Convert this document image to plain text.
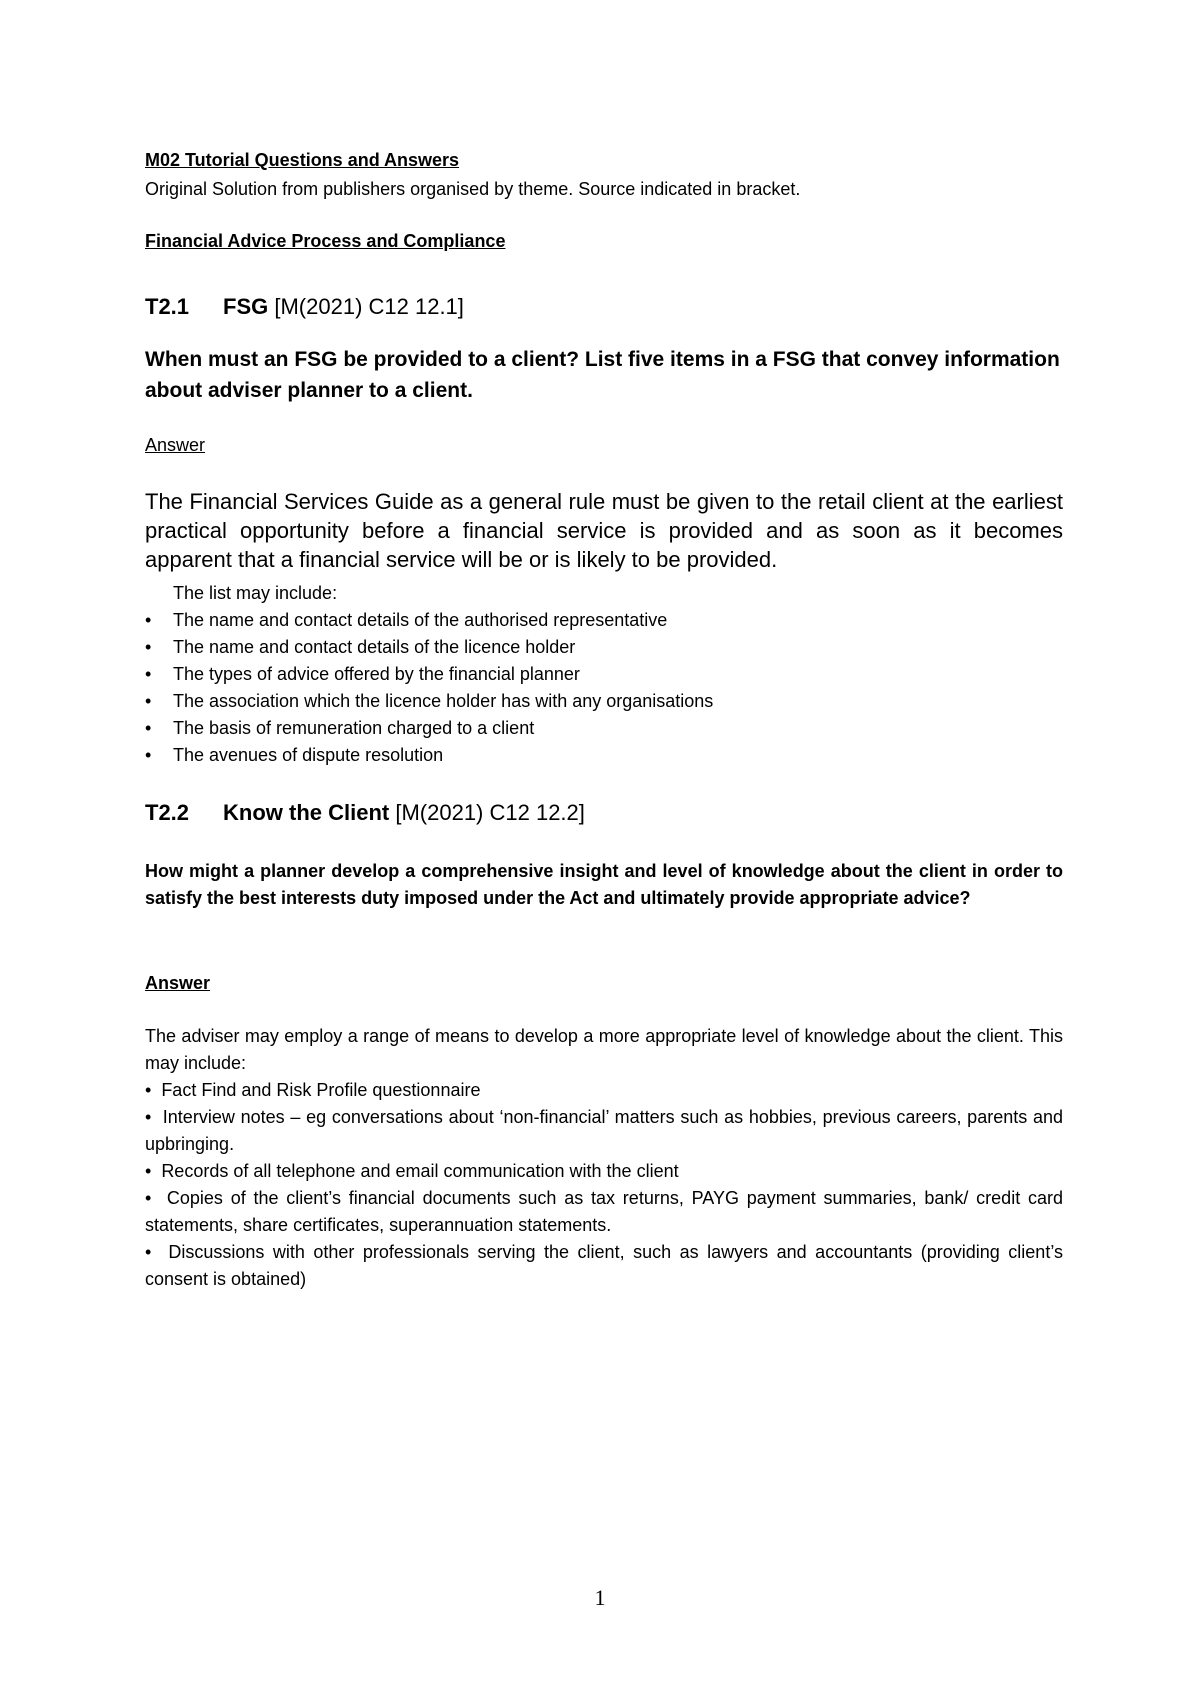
M02 Tutorial Questions and Answers
Original Solution from publishers organised by theme. Source indicated in bracket.
Financial Advice Process and Compliance
T2.1 FSG [M(2021) C12 12.1]
When must an FSG be provided to a client? List five items in a FSG that convey information about adviser planner to a client.
Answer

The Financial Services Guide as a general rule must be given to the retail client at the earliest practical opportunity before a financial service is provided and as soon as it becomes apparent that a financial service will be or is likely to be provided.

The list may include:
• The name and contact details of the authorised representative
• The name and contact details of the licence holder
• The types of advice offered by the financial planner
• The association which the licence holder has with any organisations
• The basis of remuneration charged to a client
• The avenues of dispute resolution
T2.2 Know the Client [M(2021) C12 12.2]

How might a planner develop a comprehensive insight and level of knowledge about the client in order to satisfy the best interests duty imposed under the Act and ultimately provide appropriate advice?

Answer

The adviser may employ a range of means to develop a more appropriate level of knowledge about the client. This may include:

•  Fact Find and Risk Profile questionnaire

•  Interview notes – eg conversations about ‘non-financial’ matters such as hobbies, previous careers, parents and upbringing.

•  Records of all telephone and email communication with the client

•  Copies of the client’s financial documents such as tax returns, PAYG payment summaries, bank/ credit card statements, share certificates, superannuation statements.

•  Discussions with other professionals serving the client, such as lawyers and accountants (providing client’s consent is obtained)

1
